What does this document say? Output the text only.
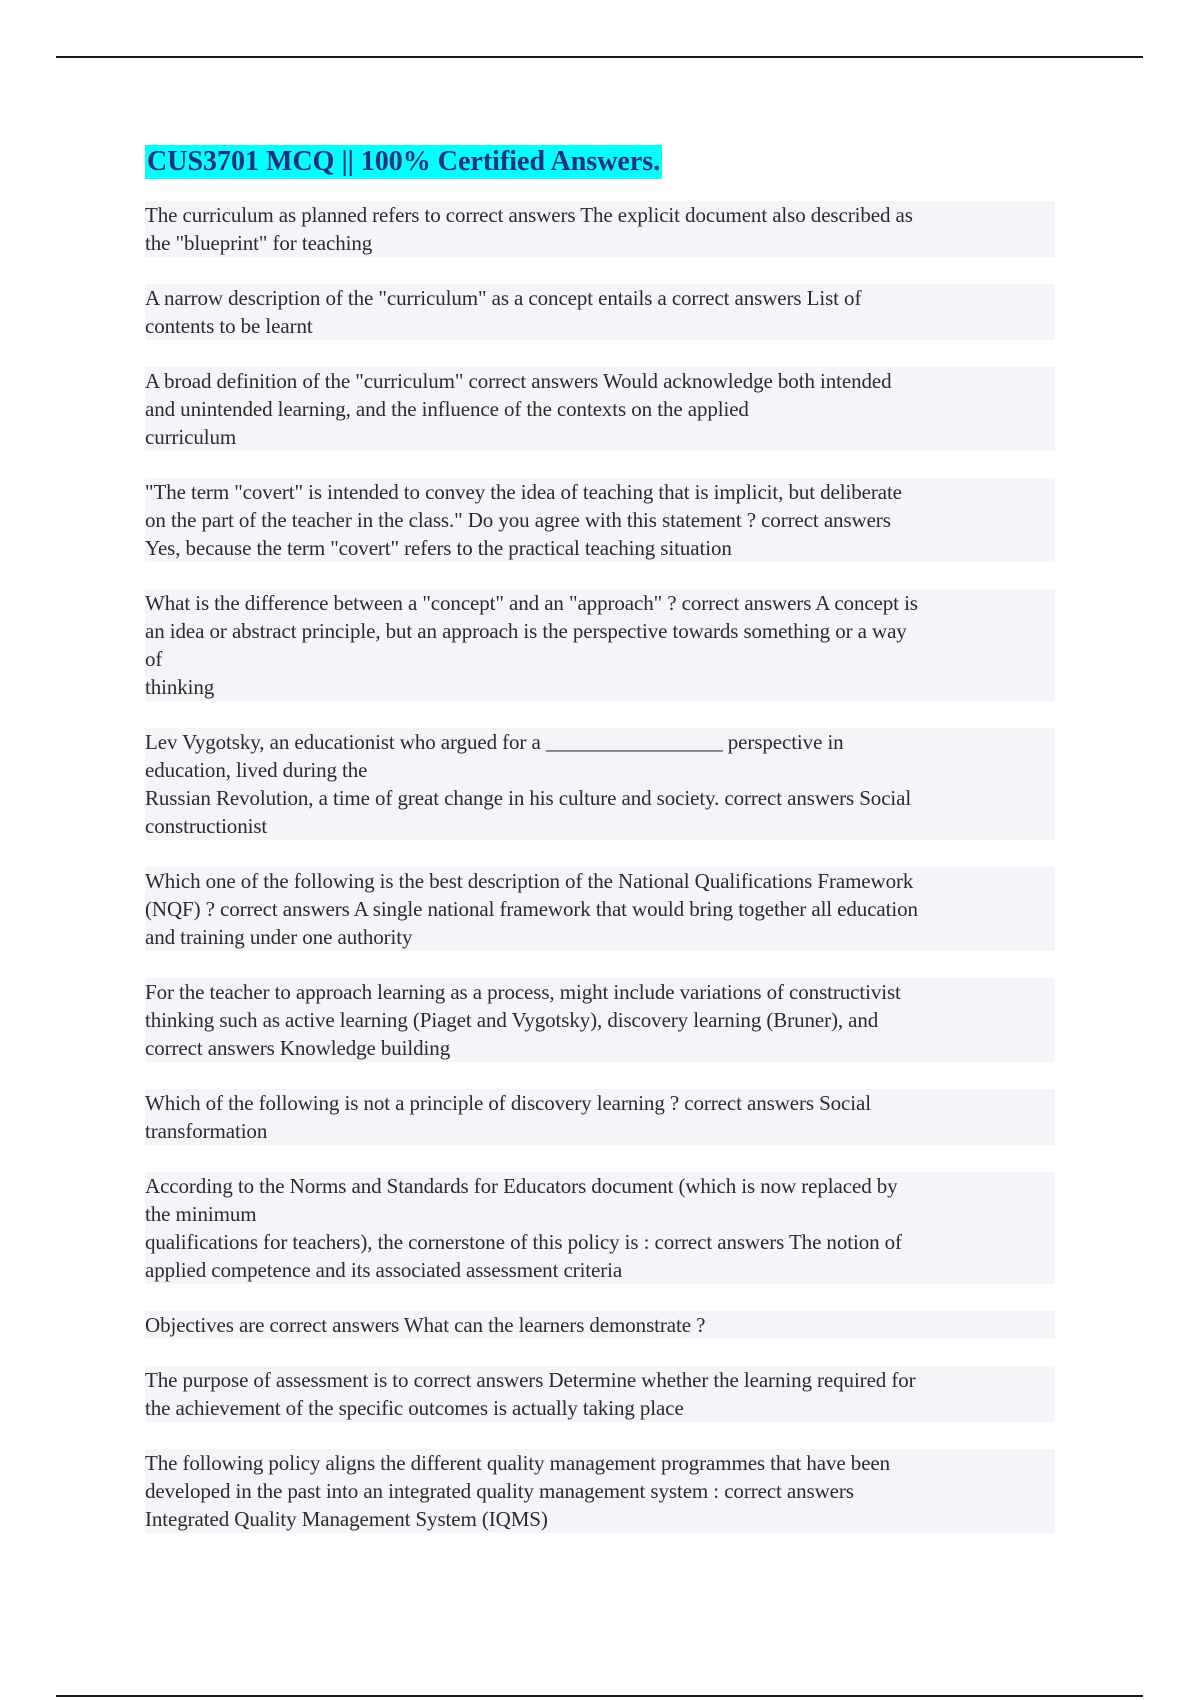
CUS3701 MCQ || 100% Certified Answers.

The curriculum as planned refers to correct answers The explicit document also described as
the "blueprint" for teaching

A narrow description of the "curriculum" as a concept entails a correct answers List of
contents to be learnt

A broad definition of the "curriculum" correct answers Would acknowledge both intended
and unintended learning, and the influence of the contexts on the applied
curriculum

"The term "covert" is intended to convey the idea of teaching that is implicit, but deliberate
on the part of the teacher in the class." Do you agree with this statement ? correct answers
Yes, because the term "covert" refers to the practical teaching situation

What is the difference between a "concept" and an "approach" ? correct answers A concept is
an idea or abstract principle, but an approach is the perspective towards something or a way
of
thinking

Lev Vygotsky, an educationist who argued for a _________________ perspective in
education, lived during the
Russian Revolution, a time of great change in his culture and society. correct answers Social
constructionist

Which one of the following is the best description of the National Qualifications Framework
(NQF) ? correct answers A single national framework that would bring together all education
and training under one authority

For the teacher to approach learning as a process, might include variations of constructivist
thinking such as active learning (Piaget and Vygotsky), discovery learning (Bruner), and
correct answers Knowledge building

Which of the following is not a principle of discovery learning ? correct answers Social
transformation

According to the Norms and Standards for Educators document (which is now replaced by
the minimum
qualifications for teachers), the cornerstone of this policy is : correct answers The notion of
applied competence and its associated assessment criteria

Objectives are correct answers What can the learners demonstrate ?

The purpose of assessment is to correct answers Determine whether the learning required for
the achievement of the specific outcomes is actually taking place

The following policy aligns the different quality management programmes that have been
developed in the past into an integrated quality management system : correct answers
Integrated Quality Management System (IQMS)
